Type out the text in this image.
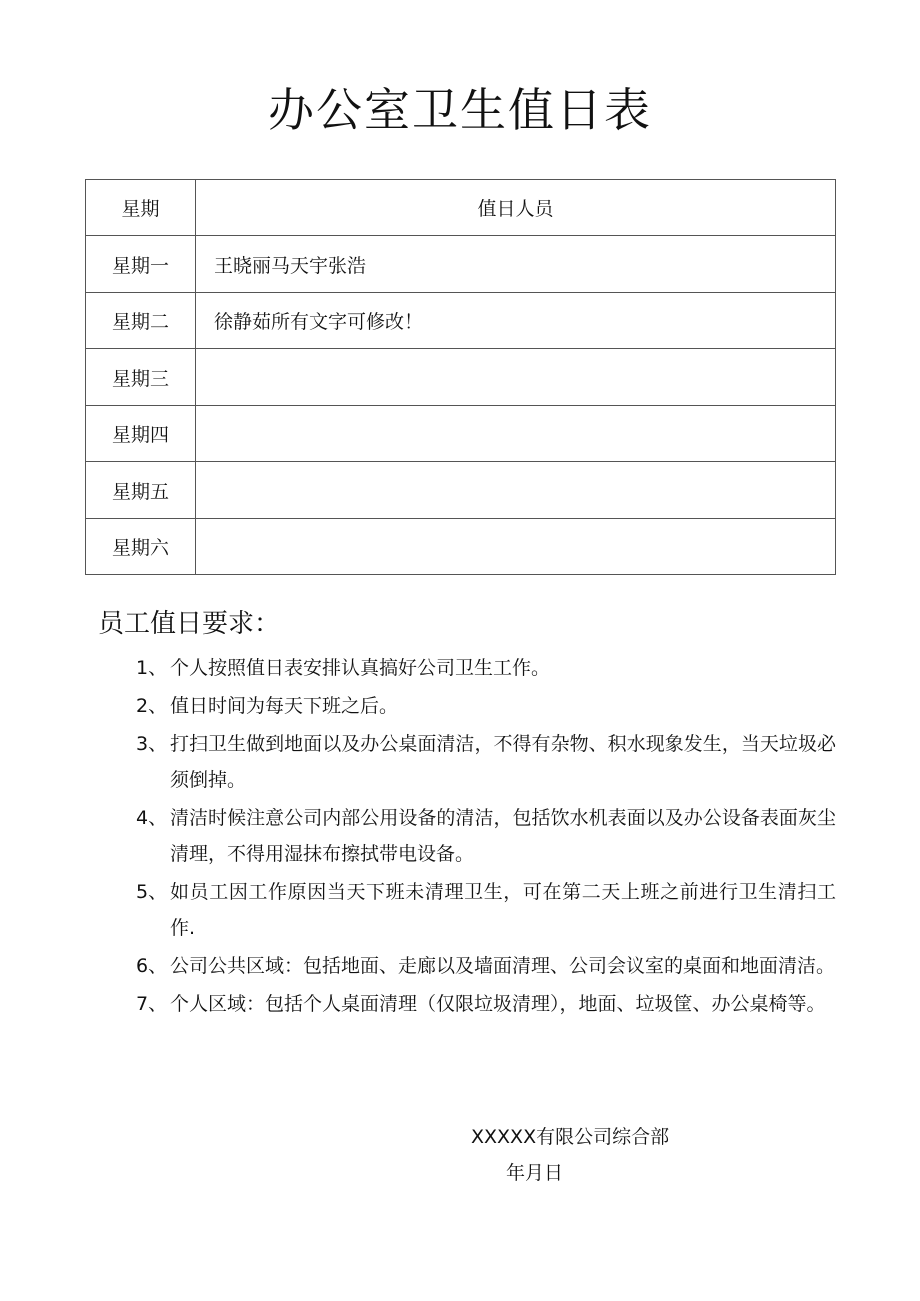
办公室卫生值日表
星期	值日人员
星期一	王晓丽马天宇张浩
星期二	徐静茹所有文字可修改！
星期三	
星期四	
星期五	
星期六	
员工值日要求：
1、 个人按照值日表安排认真搞好公司卫生工作。
2、 值日时间为每天下班之后。
3、 打扫卫生做到地面以及办公桌面清洁，不得有杂物、积水现象发生，当天垃圾必须倒掉。
4、 清洁时候注意公司内部公用设备的清洁，包括饮水机表面以及办公设备表面灰尘清理，不得用湿抹布擦拭带电设备。
5、 如员工因工作原因当天下班未清理卫生，可在第二天上班之前进行卫生清扫工作.
6、 公司公共区域：包括地面、走廊以及墙面清理、公司会议室的桌面和地面清洁。
7、 个人区域：包括个人桌面清理（仅限垃圾清理），地面、垃圾筐、办公桌椅等。
XXXXX有限公司综合部
年月日
